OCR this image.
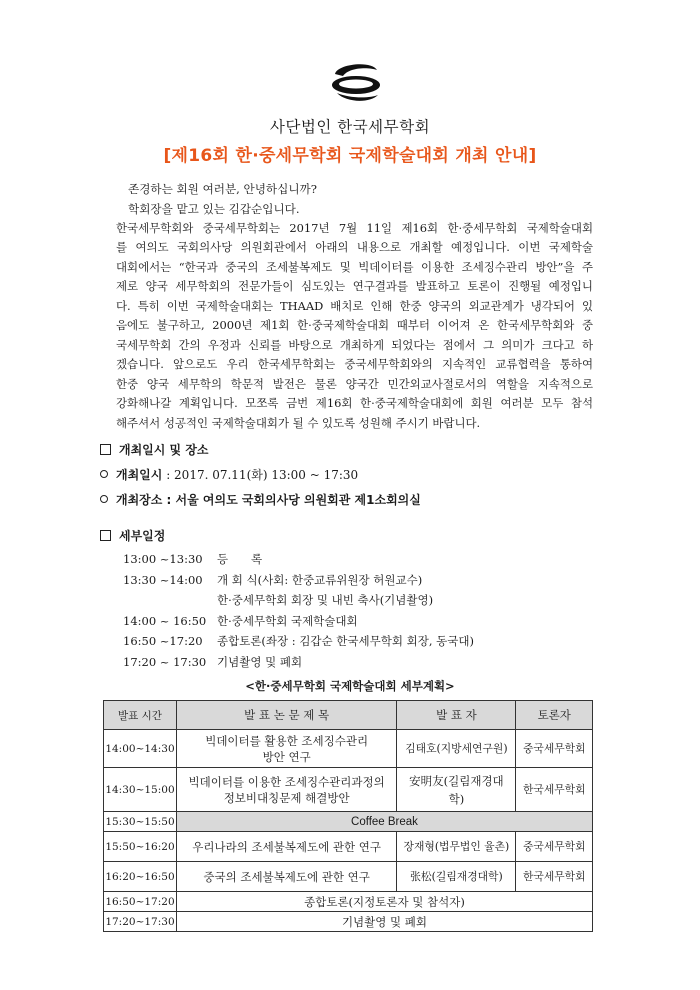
사단법인 한국세무학회
[제16회 한·중세무학회 국제학술대회 개최 안내]
존경하는 회원 여러분, 안녕하십니까?
학회장을 맡고 있는 김갑순입니다.
한국세무학회와 중국세무학회는 2017년 7월 11일 제16회 한·중세무학회 국제학술대회
를 여의도 국회의사당 의원회관에서 아래의 내용으로 개최할 예정입니다. 이번 국제학술
대회에서는 “한국과 중국의 조세불복제도 및 빅데이터를 이용한 조세징수관리 방안”을 주
제로 양국 세무학회의 전문가들이 심도있는 연구결과를 발표하고 토론이 진행될 예정입니
다. 특히 이번 국제학술대회는 THAAD 배치로 인해 한중 양국의 외교관계가 냉각되어 있
음에도 불구하고, 2000년 제1회 한·중국제학술대회 때부터 이어져 온 한국세무학회와 중
국세무학회 간의 우정과 신뢰를 바탕으로 개최하게 되었다는 점에서 그 의미가 크다고 하
겠습니다. 앞으로도 우리 한국세무학회는 중국세무학회와의 지속적인 교류협력을 통하여
한중 양국 세무학의 학문적 발전은 물론 양국간 민간외교사절로서의 역할을 지속적으로
강화해나갈 계획입니다. 모쪼록 금번 제16회 한·중국제학술대회에 회원 여러분 모두 참석
해주셔서 성공적인 국제학술대회가 될 수 있도록 성원해 주시기 바랍니다.
개최일시 및 장소
개최일시 : 2017. 07.11(화) 13:00 ~ 17:30
개최장소 : 서울 여의도 국회의사당 의원회관 제1소회의실
세부일정
13:00 ~13:30	등　　록
13:30 ~14:00	개 회 식(사회: 한중교류위원장 허원교수)
한·중세무학회 회장 및 내빈 축사(기념촬영)
14:00 ~ 16:50 한·중세무학회 국제학술대회
16:50 ~17:20	종합토론(좌장 : 김갑순 한국세무학회 회장, 동국대)
17:20 ~ 17:30 기념촬영 및 폐회
<한·중세무학회 국제학술대회 세부계획>
발표 시간	발 표 논 문 제 목	발 표 자	토론자
14:00~14:30	빅데이터를 활용한 조세징수관리
방안 연구	김태호(지방세연구원)	중국세무학회
14:30~15:00	빅데이터를 이용한 조세징수관리과정의
정보비대칭문제 해결방안	安明友(길림재경대
학)	한국세무학회
15:30~15:50	Coffee Break		
15:50~16:20	우리나라의 조세불복제도에 관한 연구	장재형(법무법인 율촌)	중국세무학회
16:20~16:50	중국의 조세불복제도에 관한 연구	张松(길림재경대학)	한국세무학회
16:50~17:20	종합토론(지정토론자 및 참석자)		
17:20~17:30	기념촬영 및 폐회		
